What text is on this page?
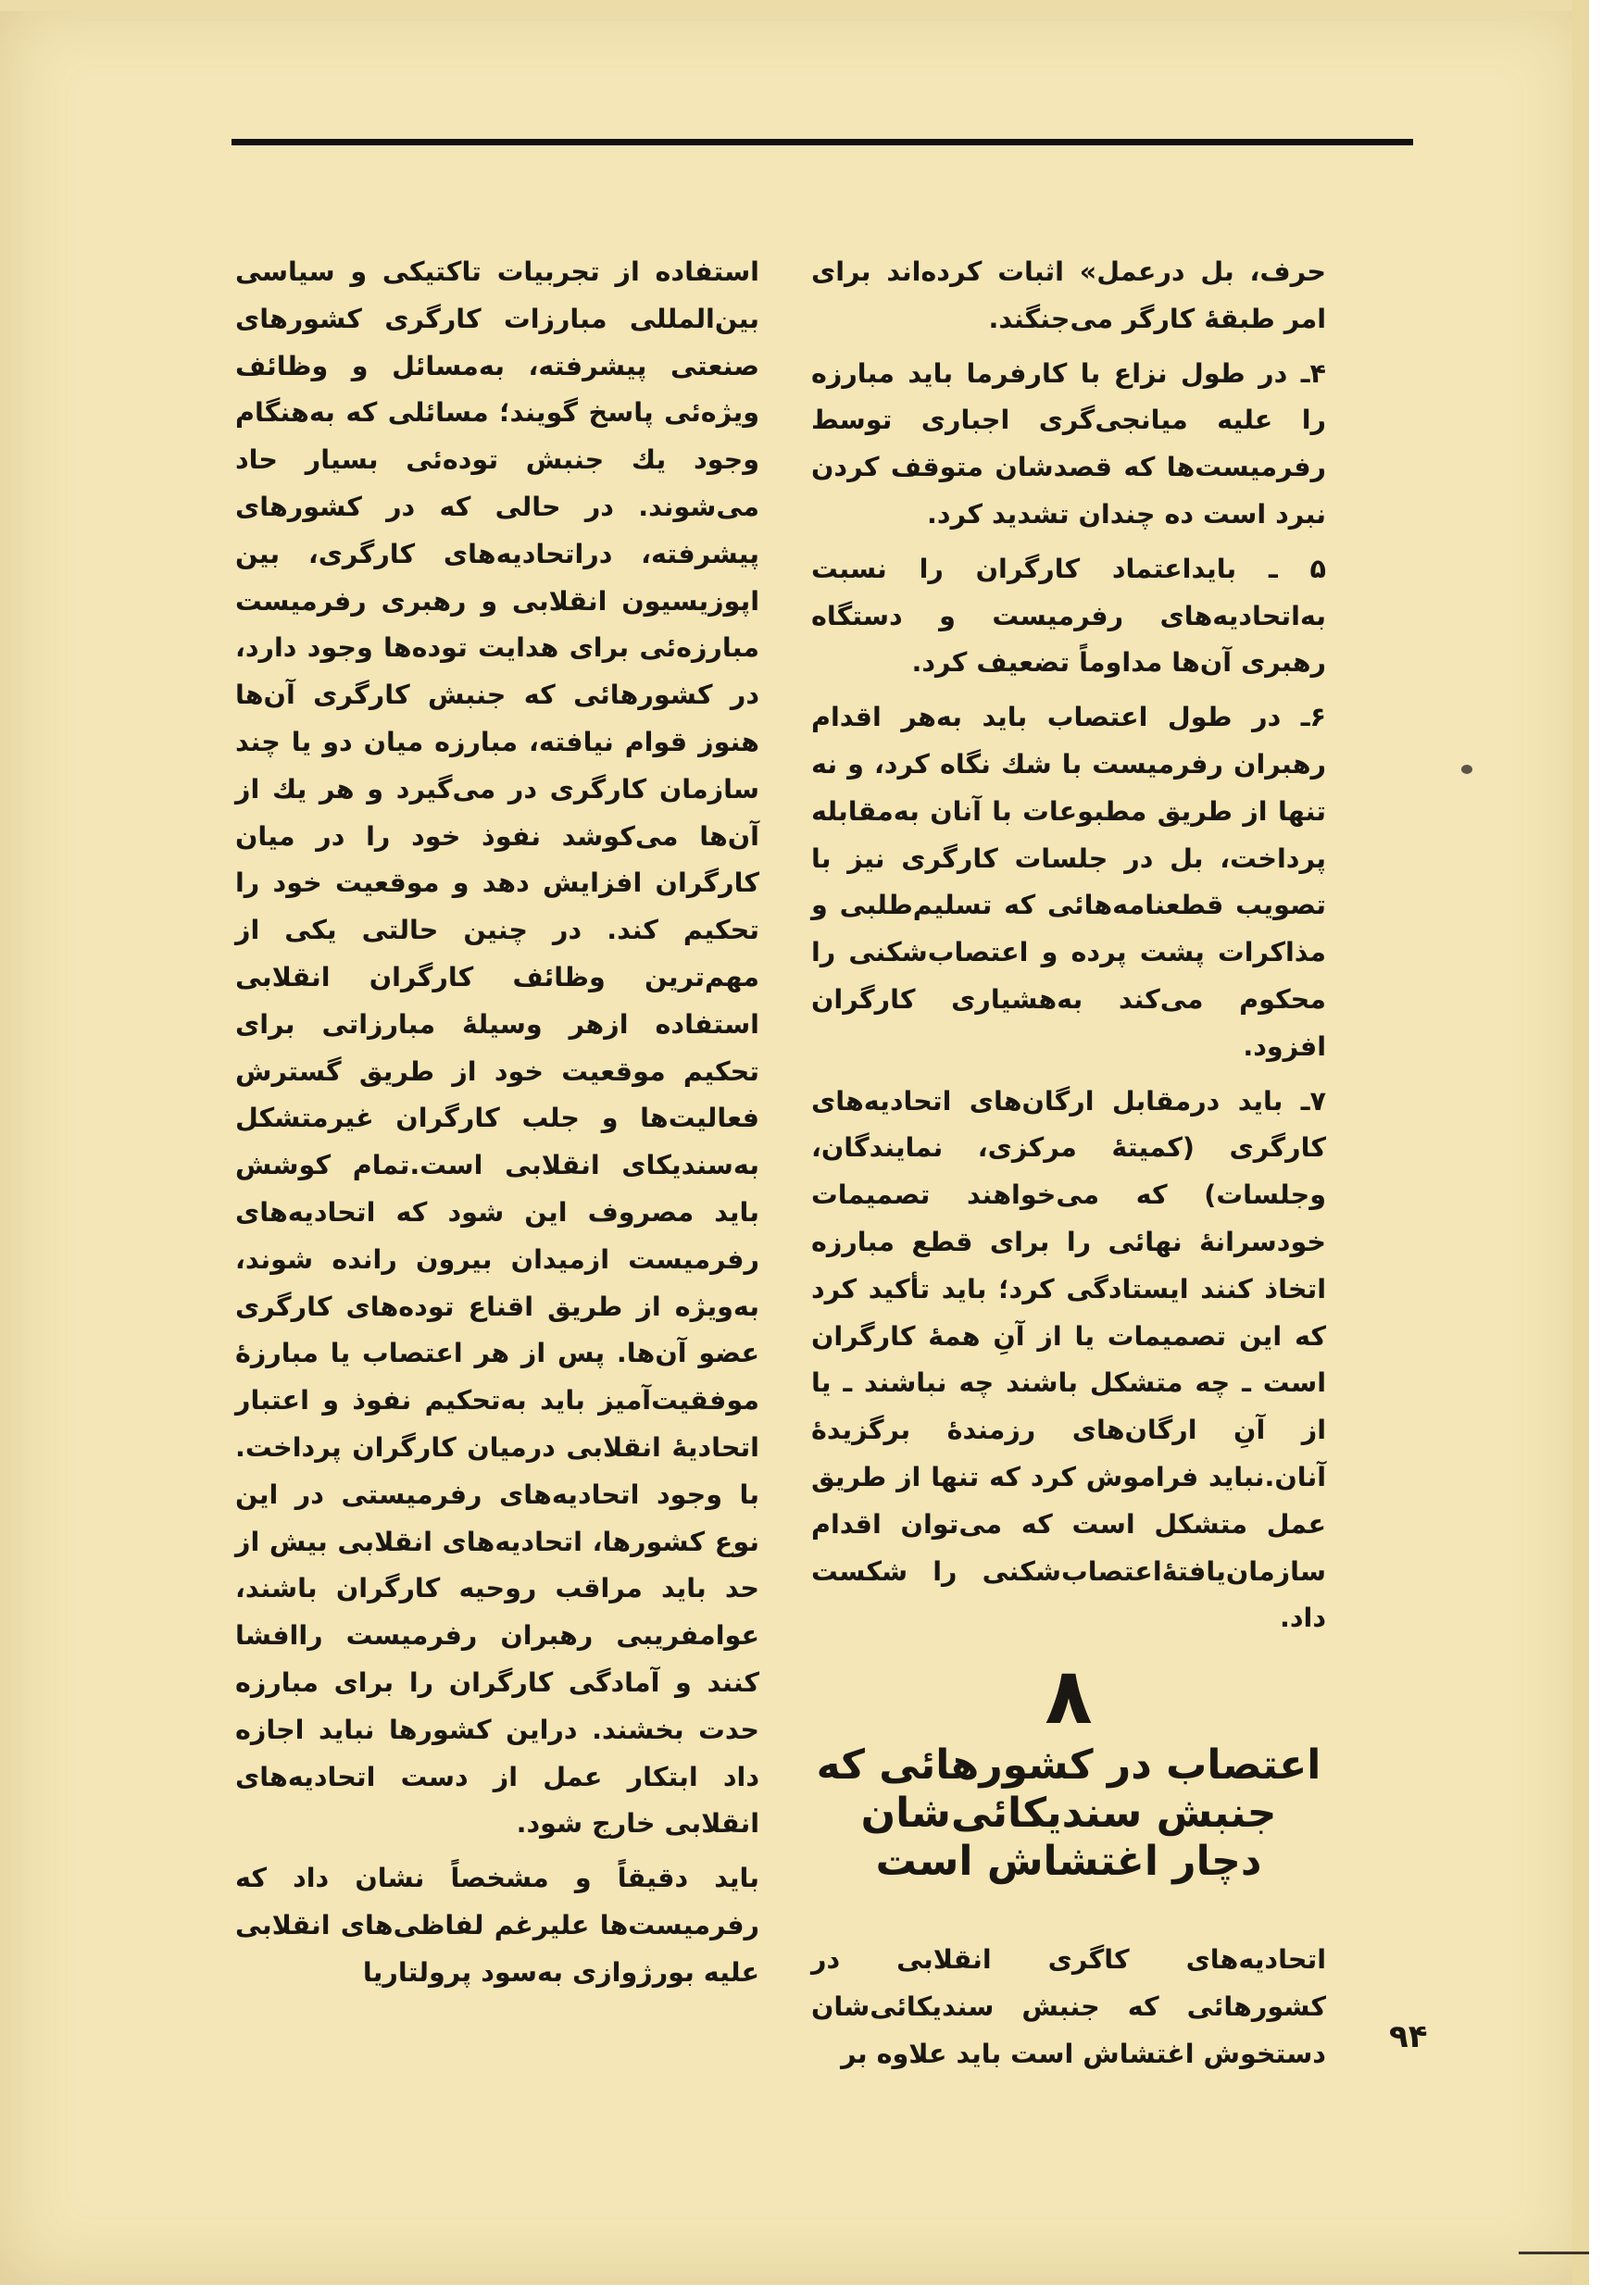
حرف، بل درعمل» اثبات کرده‌اند برای امر طبقۀ کارگر می‌جنگند.

۴ـ در طول نزاع با کارفرما باید مبارزه را علیه میانجی‌گری اجباری توسط رفرمیست‌ها که قصدشان متوقف کردن نبرد است ده چندان تشدید کرد.

۵ ـ بایداعتماد کارگران را نسبت به‌اتحادیه‌های رفرمیست و دستگاه رهبری آن‌ها مداوماً تضعیف کرد.

۶ـ در طول اعتصاب باید به‌هر اقدام رهبران رفرمیست با شك نگاه کرد، و نه تنها از طریق مطبوعات با آنان به‌مقابله پرداخت، بل در جلسات کارگری نیز با تصویب قطعنامه‌هائی که تسلیم‌طلبی و مذاکرات پشت پرده و اعتصاب‌شکنی را محکوم می‌کند به‌هشیاری کارگران افزود.

۷ـ باید درمقابل ارگان‌های اتحادیه‌های کارگری (کمیتۀ مرکزی، نمایندگان، وجلسات) که می‌خواهند تصمیمات خودسرانۀ نهائی را برای قطع مبارزه اتخاذ کنند ایستادگی کرد؛ باید تأکید کرد که این تصمیمات یا از آنِ همۀ کارگران است ـ چه متشکل باشند چه نباشند ـ یا از آنِ ارگان‌های رزمندۀ برگزیدۀ آنان.نباید فراموش کرد که تنها از طریق عمل متشکل است که می‌توان اقدام سازمان‌یافتۀاعتصاب‌شکنی را شکست داد.

۸
اعتصاب در کشورهائی که جنبش سندیکائی‌شان دچار اغتشاش است

اتحادیه‌های کاگری انقلابی در کشورهائی که جنبش سندیکائی‌شان دستخوش اغتشاش است باید علاوه بر

استفاده از تجربیات تاکتیکی و سیاسی بین‌المللی مبارزات کارگری کشورهای صنعتی پیشرفته، به‌مسائل و وظائف ویژه‌ئی پاسخ گویند؛ مسائلی که به‌هنگام وجود یك جنبش توده‌ئی بسیار حاد می‌شوند. در حالی که در کشورهای پیشرفته، دراتحادیه‌های کارگری، بین اپوزیسیون انقلابی و رهبری رفرمیست مبارزه‌ئی برای هدایت توده‌ها وجود دارد، در کشورهائی که جنبش کارگری آن‌ها هنوز قوام نیافته، مبارزه میان دو یا چند سازمان کارگری در می‌گیرد و هر یك از آن‌ها می‌کوشد نفوذ خود را در میان کارگران افزایش دهد و موقعیت خود را تحکیم کند. در چنین حالتی یکی از مهم‌ترین وظائف کارگران انقلابی استفاده ازهر وسیلۀ مبارزاتی برای تحکیم موقعیت خود از طریق گسترش فعالیت‌ها و جلب کارگران غیرمتشکل به‌سندیکای انقلابی است.تمام کوشش باید مصروف این شود که اتحادیه‌های رفرمیست ازمیدان بیرون رانده شوند، به‌ویژه از طریق اقناع توده‌های کارگری عضو آن‌ها. پس از هر اعتصاب یا مبارزۀ موفقیت‌آمیز باید به‌تحکیم نفوذ و اعتبار اتحادیۀ انقلابی درمیان کارگران پرداخت. با وجود اتحادیه‌های رفرمیستی در این نوع کشورها، اتحادیه‌های انقلابی بیش از حد باید مراقب روحیه کارگران باشند، عوامفریبی رهبران رفرمیست راافشا کنند و آمادگی کارگران را برای مبارزه حدت بخشند. دراین کشورها نباید اجازه داد ابتکار عمل از دست اتحادیه‌های انقلابی خارج شود.

باید دقیقاً و مشخصاً نشان داد که رفرمیست‌ها علیرغم لفاظی‌های انقلابی علیه بورژوازی به‌سود پرولتاریا

۹۴
